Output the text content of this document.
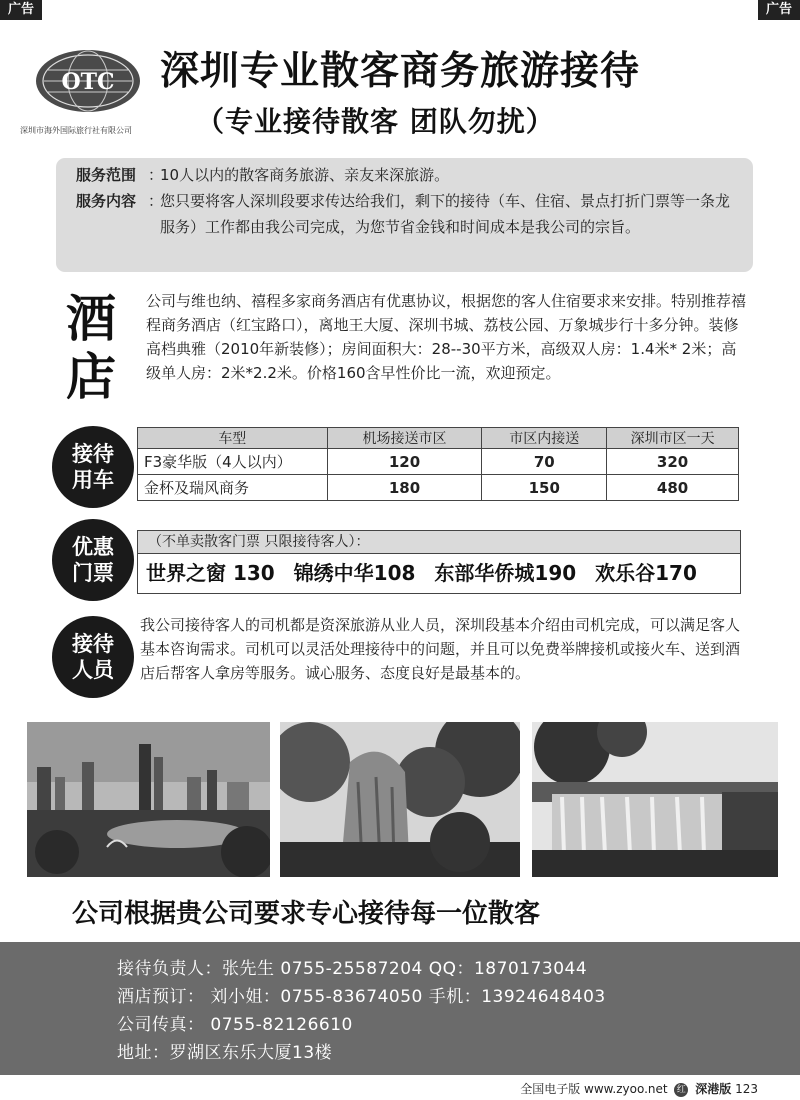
广告	广告
OTC
深圳市海外国际旅行社有限公司
深圳专业散客商务旅游接待
（专业接待散客 团队勿扰）
服务范围 ：10人以内的散客商务旅游、亲友来深旅游。
服务内容 ：您只要将客人深圳段要求传达给我们，剩下的接待（车、住宿、景点打折门票等一条龙服务）工作都由我公司完成，为您节省金钱和时间成本是我公司的宗旨。
酒店
公司与维也纳、禧程多家商务酒店有优惠协议，根据您的客人住宿要求来安排。特别推荐禧程商务酒店（红宝路口），离地王大厦、深圳书城、荔枝公园、万象城步行十多分钟。装修高档典雅（2010年新装修）；房间面积大：28--30平方米，高级双人房：1.4米* 2米；高级单人房：2米*2.2米。价格160含早性价比一流，欢迎预定。
接待
用车
车型	机场接送市区	市区内接送	深圳市区一天
F3豪华版（4人以内）	120	70	320
金杯及瑞风商务	180	150	480
优惠
门票
（不单卖散客门票 只限接待客人）：
世界之窗 130 锦绣中华108 东部华侨城190 欢乐谷170
接待
人员
我公司接待客人的司机都是资深旅游从业人员，深圳段基本介绍由司机完成，可以满足客人基本咨询需求。司机可以灵活处理接待中的问题，并且可以免费举牌接机或接火车、送到酒店后帮客人拿房等服务。诚心服务、态度良好是最基本的。
公司根据贵公司要求专心接待每一位散客
接待负责人：张先生 0755-25587204 QQ：1870173044
酒店预订： 刘小姐：0755-83674050 手机：13924648403
公司传真： 0755-82126610
地址：罗湖区东乐大厦13楼
全国电子版 www.zyoo.net 红 深港版 123
